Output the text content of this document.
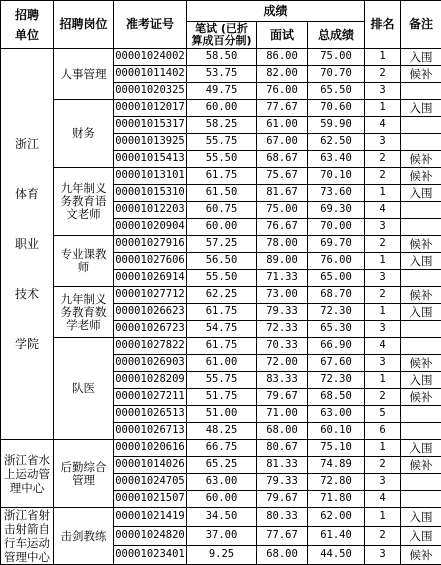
招聘
单位	招聘岗位	准考证号	成绩			排名	备注
			笔试 (已折
算成百分制)	面试	总成绩		
浙江

体育

职业

技术

学院	人事管理	00001024002	58.50	86.00	75.00	1	入围
		00001011402	53.75	82.00	70.70	2	候补
		00001020325	49.75	76.00	65.50	3	
	财务	00001012017	60.00	77.67	70.60	1	入围
		00001015317	58.25	61.00	59.90	4	
		00001013925	55.75	67.00	62.50	3	
		00001015413	55.50	68.67	63.40	2	候补
	九年制义
务教育语
文老师	00001013101	61.75	75.67	70.10	2	候补
		00001015310	61.50	81.67	73.60	1	入围
		00001012203	60.75	75.00	69.30	4	
		00001020904	60.00	76.67	70.00	3	
	专业课教
师	00001027916	57.25	78.00	69.70	2	候补
		00001027606	56.50	89.00	76.00	1	入围
		00001026914	55.50	71.33	65.00	3	
	九年制义
务教育数
学老师	00001027712	62.25	73.00	68.70	2	候补
		00001026623	61.75	79.33	72.30	1	入围
		00001026723	54.75	72.33	65.30	3	
	队医	00001027822	61.75	70.33	66.90	4	
		00001026903	61.00	72.00	67.60	3	候补
		00001028209	55.75	83.33	72.30	1	入围
		00001027211	51.75	79.67	68.50	2	候补
		00001026513	51.00	71.00	63.00	5	
		00001026713	48.25	68.00	60.10	6	
浙江省水
上运动管
理中心	后勤综合
管理	00001020616	66.75	80.67	75.10	1	入围
		00001014026	65.25	81.33	74.89	2	候补
		00001024705	63.00	79.33	72.80	3	
		00001021507	60.00	79.67	71.80	4	
浙江省射
击射箭自
行车运动
管理中心	击剑教练	00001021419	34.50	80.33	62.00	1	入围
		00001024820	37.00	77.67	61.40	2	入围
		00001023401	9.25	68.00	44.50	3	候补
